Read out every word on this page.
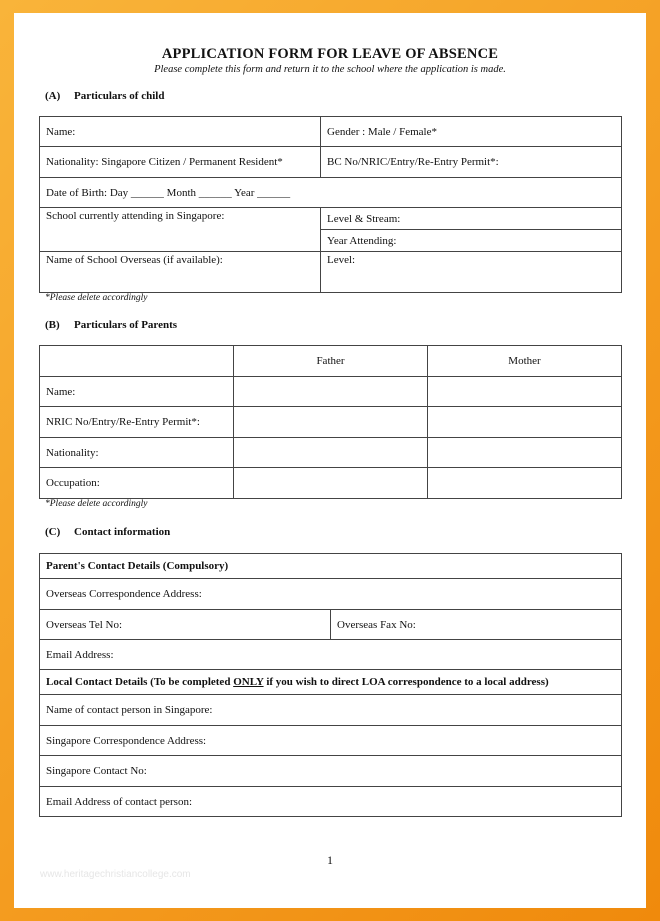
APPLICATION FORM FOR LEAVE OF ABSENCE
Please complete this form and return it to the school where the application is made.
(A) Particulars of child
Name:	Gender : Male / Female*
Nationality: Singapore Citizen / Permanent Resident*	BC No/NRIC/Entry/Re-Entry Permit*:
Date of Birth: Day ______ Month ______ Year ______	
School currently attending in Singapore:	Level & Stream:
	Year Attending:
Name of School Overseas (if available):	Level:
*Please delete accordingly
(B) Particulars of Parents
	Father	Mother
Name:		
NRIC No/Entry/Re-Entry Permit*:		
Nationality:		
Occupation:		
*Please delete accordingly
(C) Contact information
Parent's Contact Details (Compulsory)
Overseas Correspondence Address:
Overseas Tel No:	Overseas Fax No:
Email Address:
Local Contact Details (To be completed ONLY if you wish to direct LOA correspondence to a local address)
Name of contact person in Singapore:
Singapore Correspondence Address:
Singapore Contact No:
Email Address of contact person:
1
www.heritagechristiancollege.com
